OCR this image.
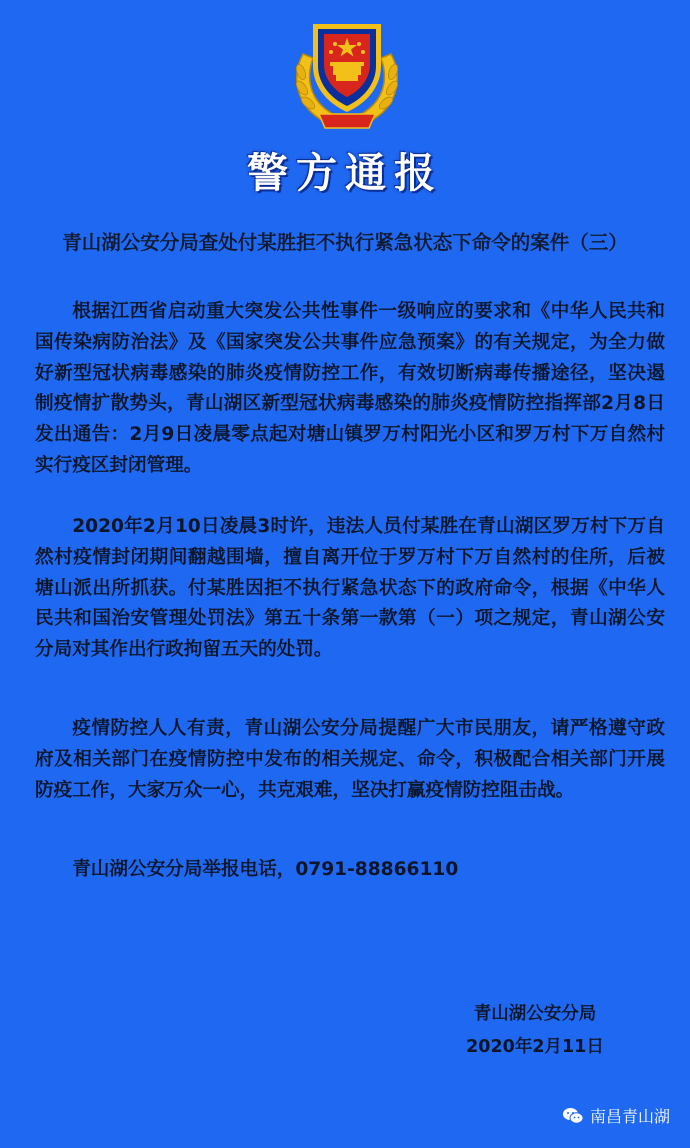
警方通报
青山湖公安分局查处付某胜拒不执行紧急状态下命令的案件（三）

根据江西省启动重大突发公共性事件一级响应的要求和《中华人民共和国传染病防治法》及《国家突发公共事件应急预案》的有关规定，为全力做好新型冠状病毒感染的肺炎疫情防控工作，有效切断病毒传播途径，坚决遏制疫情扩散势头，青山湖区新型冠状病毒感染的肺炎疫情防控指挥部2月8日发出通告：2月9日凌晨零点起对塘山镇罗万村阳光小区和罗万村下万自然村实行疫区封闭管理。

2020年2月10日凌晨3时许，违法人员付某胜在青山湖区罗万村下万自然村疫情封闭期间翻越围墙，擅自离开位于罗万村下万自然村的住所，后被塘山派出所抓获。付某胜因拒不执行紧急状态下的政府命令，根据《中华人民共和国治安管理处罚法》第五十条第一款第（一）项之规定，青山湖公安分局对其作出行政拘留五天的处罚。

疫情防控人人有责，青山湖公安分局提醒广大市民朋友，请严格遵守政府及相关部门在疫情防控中发布的相关规定、命令，积极配合相关部门开展防疫工作，大家万众一心，共克艰难，坚决打赢疫情防控阻击战。

青山湖公安分局举报电话，0791-88866110

青山湖公安分局
2020年2月11日
南昌青山湖
